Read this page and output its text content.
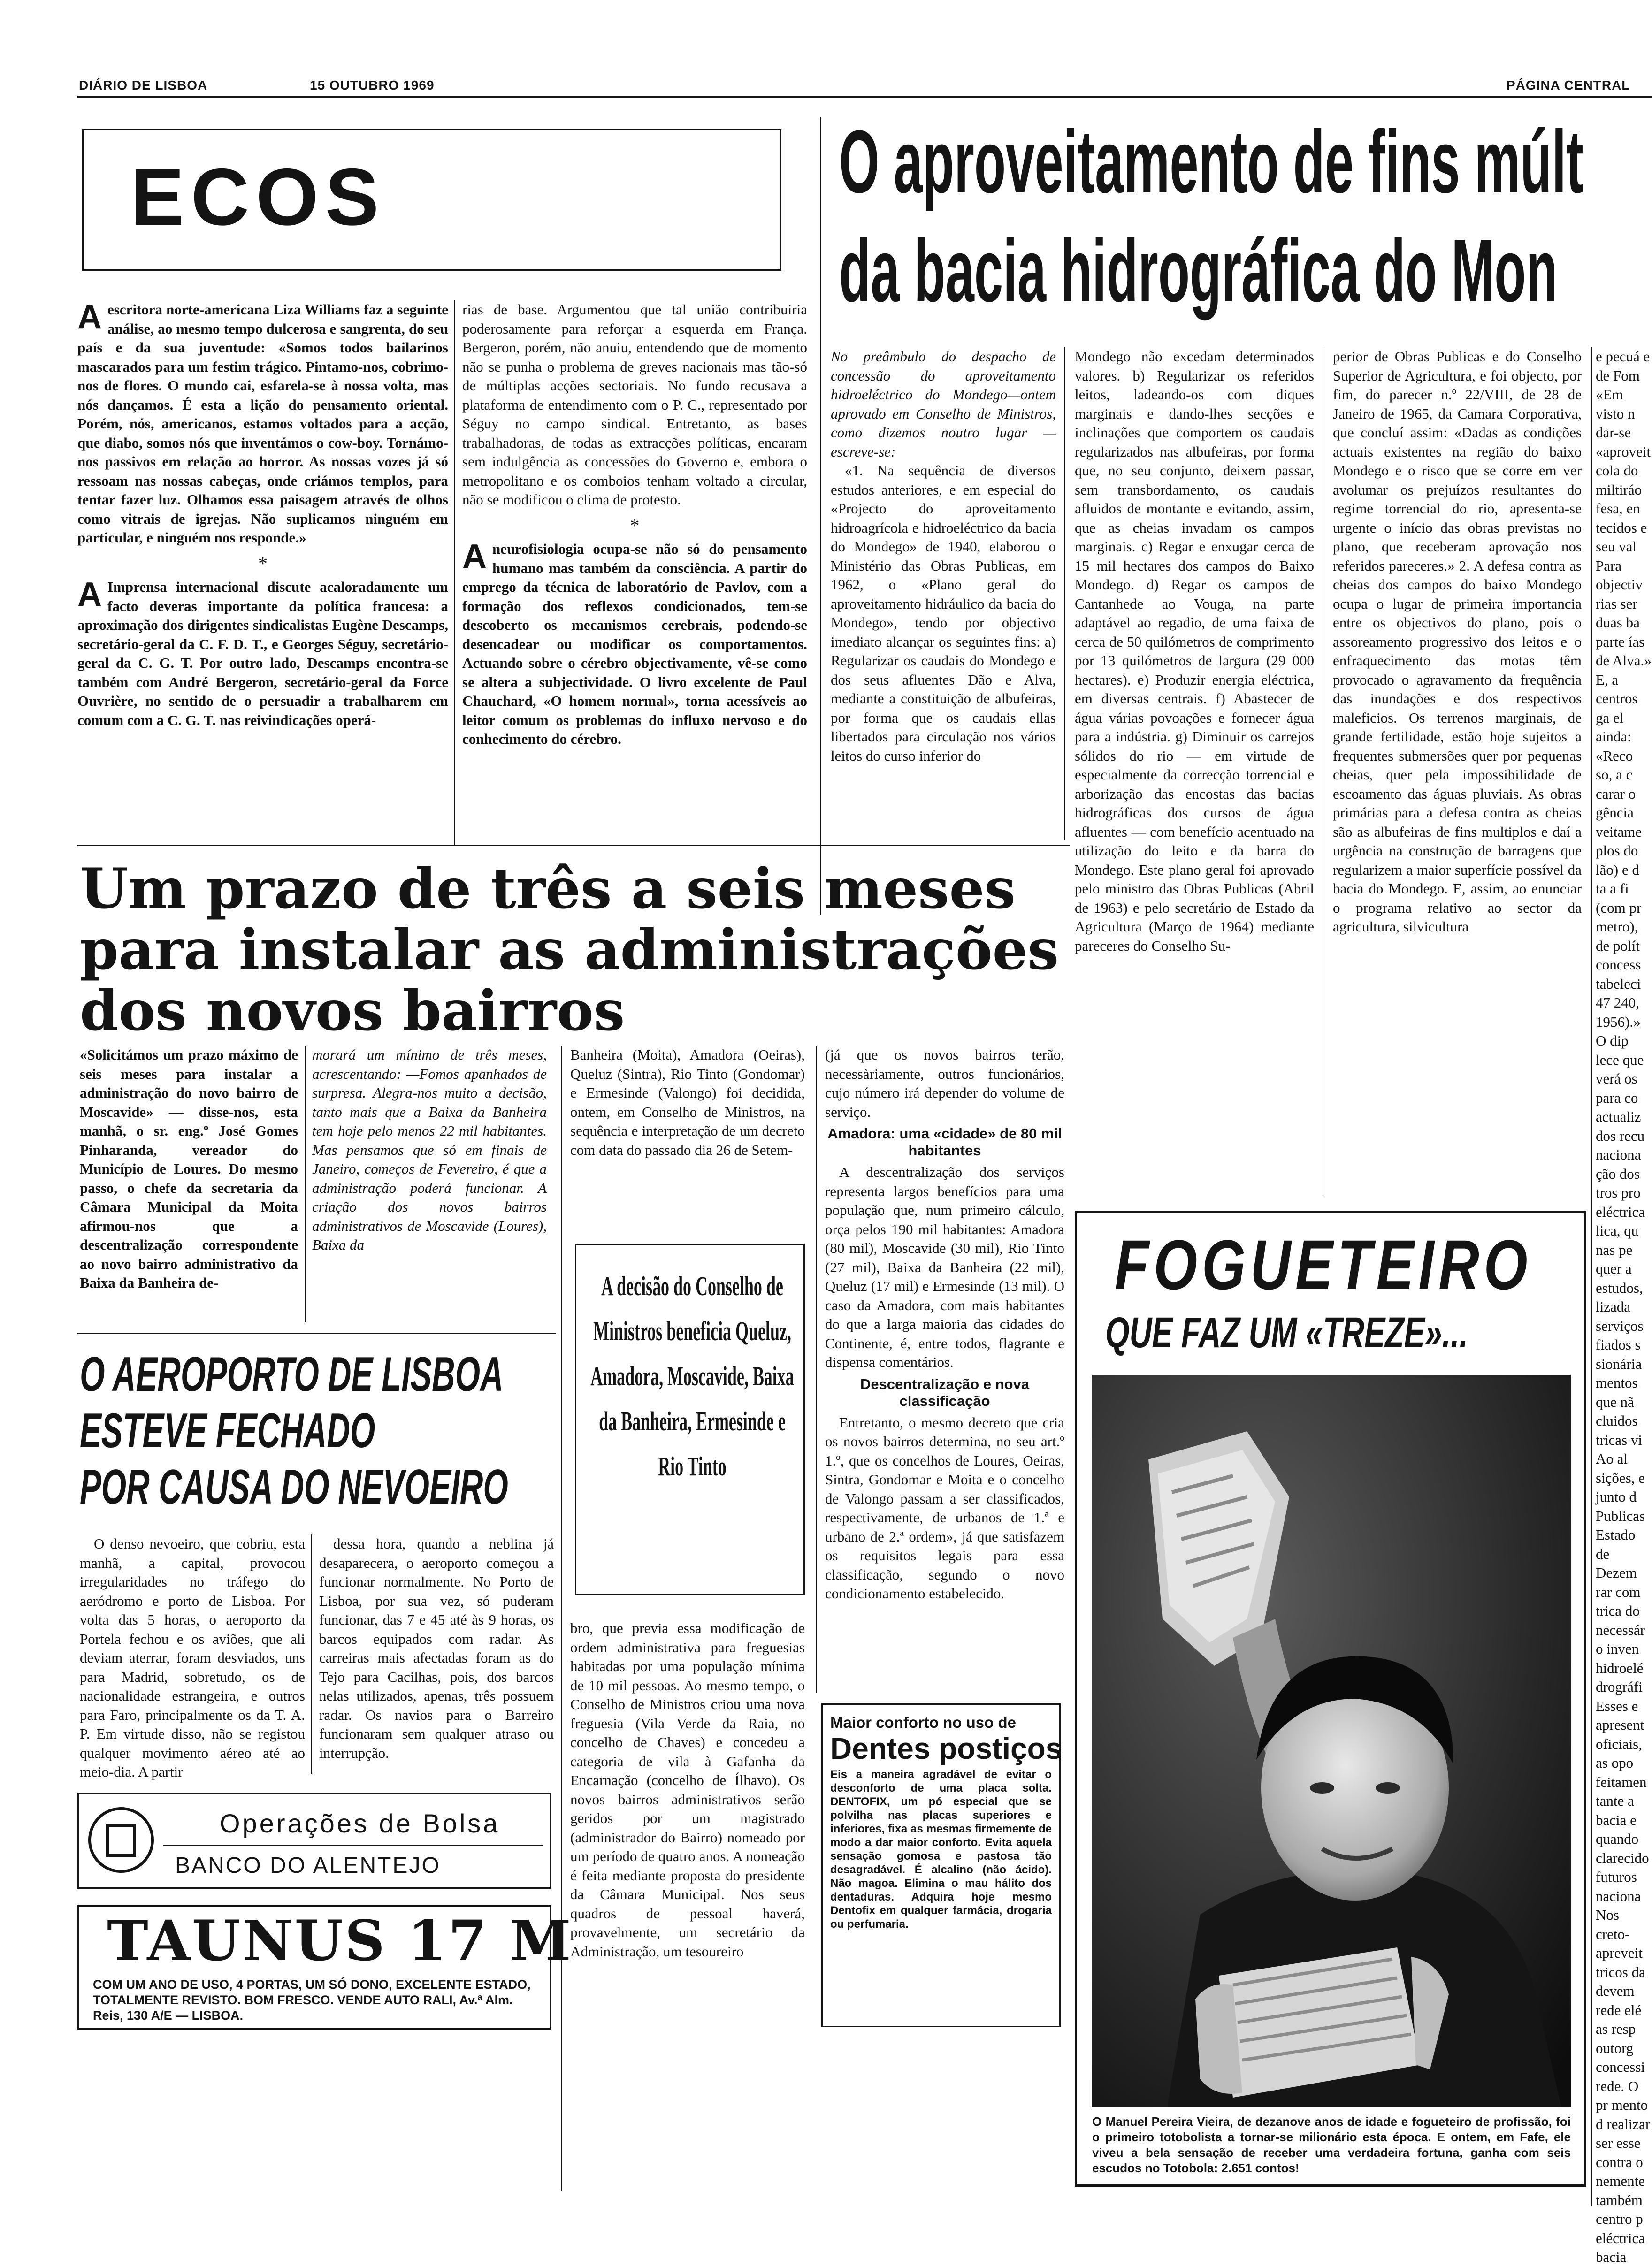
DIÁRIO DE LISBOA	15 OUTUBRO 1969	PÁGINA CENTRAL
ECOS

Aescritora norte-americana Liza Williams faz a seguinte análise, ao mesmo tempo dulcerosa e sangrenta, do seu país e da sua juventude: «Somos todos bailarinos mascarados para um festim trágico. Pintamo-nos, cobrimo-nos de flores. O mundo cai, esfarela-se à nossa volta, mas nós dançamos. É esta a lição do pensamento oriental. Porém, nós, americanos, estamos voltados para a acção, que diabo, somos nós que inventámos o cow-boy. Tornámo-nos passivos em relação ao horror. As nossas vozes já só ressoam nas nossas cabeças, onde criámos templos, para tentar fazer luz. Olhamos essa paisagem através de olhos como vitrais de igrejas. Não suplicamos ninguém em particular, e ninguém nos responde.»

*

A Imprensa internacional discute acaloradamente um facto deveras importante da política francesa: a aproximação dos dirigentes sindicalistas Eugène Descamps, secretário-geral da C. F. D. T., e Georges Séguy, secretário-geral da C. G. T. Por outro lado, Descamps encontra-se também com André Bergeron, secretário-geral da Force Ouvrière, no sentido de o persuadir a trabalharem em comum com a C. G. T. nas reivindicações operá-

rias de base. Argumentou que tal união contribuiria poderosamente para reforçar a esquerda em França. Bergeron, porém, não anuiu, entendendo que de momento não se punha o problema de greves nacionais mas tão-só de múltiplas acções sectoriais. No fundo recusava a plataforma de entendimento com o P. C., representado por Séguy no campo sindical. Entretanto, as bases trabalhadoras, de todas as extracções políticas, encaram sem indulgência as concessões do Governo e, embora o metropolitano e os comboios tenham voltado a circular, não se modificou o clima de protesto.

*

Aneurofisiologia ocupa-se não só do pensamento humano mas também da consciência. A partir do emprego da técnica de laboratório de Pavlov, com a formação dos reflexos condicionados, tem-se descoberto os mecanismos cerebrais, podendo-se desencadear ou modificar os comportamentos. Actuando sobre o cérebro objectivamente, vê-se como se altera a subjectividade. O livro excelente de Paul Chauchard, «O homem normal», torna acessíveis ao leitor comum os problemas do influxo nervoso e do conhecimento do cérebro.

O aproveitamento de fins múlt
da bacia hidrográfica do Mon

No preâmbulo do despacho de concessão do aproveitamento hidroeléctrico do Mondego—ontem aprovado em Conselho de Ministros, como dizemos noutro lugar — escreve-se:

«1. Na sequência de diversos estudos anteriores, e em especial do «Projecto do aproveitamento hidroagrícola e hidroeléctrico da bacia do Mondego» de 1940, elaborou o Ministério das Obras Publicas, em 1962, o «Plano geral do aproveitamento hidráulico da bacia do Mondego», tendo por objectivo imediato alcançar os seguintes fins: a) Regularizar os caudais do Mondego e dos seus afluentes Dão e Alva, mediante a constituição de albufeiras, por forma que os caudais ellas libertados para circulação nos vários leitos do curso inferior do

Mondego não excedam determinados valores. b) Regularizar os referidos leitos, ladeando-os com diques marginais e dando-lhes secções e inclinações que comportem os caudais regularizados nas albufeiras, por forma que, no seu conjunto, deixem passar, sem transbordamento, os caudais afluidos de montante e evitando, assim, que as cheias invadam os campos marginais. c) Regar e enxugar cerca de 15 mil hectares dos campos do Baixo Mondego. d) Regar os campos de Cantanhede ao Vouga, na parte adaptável ao regadio, de uma faixa de cerca de 50 quilómetros de comprimento por 13 quilómetros de largura (29 000 hectares). e) Produzir energia eléctrica, em diversas centrais. f) Abastecer de água várias povoações e fornecer água para a indústria. g) Diminuir os carrejos sólidos do rio — em virtude de especialmente da correcção torrencial e arborização das encostas das bacias hidrográficas dos cursos de água afluentes — com benefício acentuado na utilização do leito e da barra do Mondego. Este plano geral foi aprovado pelo ministro das Obras Publicas (Abril de 1963) e pelo secretário de Estado da Agricultura (Março de 1964) mediante pareceres do Conselho Su-

perior de Obras Publicas e do Conselho Superior de Agricultura, e foi objecto, por fim, do parecer n.º 22/VIII, de 28 de Janeiro de 1965, da Camara Corporativa, que concluí assim: «Dadas as condições actuais existentes na região do baixo Mondego e o risco que se corre em ver avolumar os prejuízos resultantes do regime torrencial do rio, apresenta-se urgente o início das obras previstas no plano, que receberam aprovação nos referidos pareceres.» 2. A defesa contra as cheias dos campos do baixo Mondego ocupa o lugar de primeira importancia entre os objectivos do plano, pois o assoreamento progressivo dos leitos e o enfraquecimento das motas têm provocado o agravamento da frequência das inundações e dos respectivos maleficios. Os terrenos marginais, de grande fertilidade, estão hoje sujeitos a frequentes submersões quer por pequenas cheias, quer pela impossibilidade de escoamento das águas pluviais. As obras primárias para a defesa contra as cheias são as albufeiras de fins multiplos e daí a urgência na construção de barragens que regularizem a maior superfície possível da bacia do Mondego. E, assim, ao enunciar o programa relativo ao sector da agricultura, silvicultura

e pecuá e de Fom «Em visto n dar-se «aproveit cola do miltiráo fesa, en tecidos e seu val Para objectiv rias ser duas ba parte ías de Alva.» E, a centros ga el ainda: «Reco so, a c carar o gência veitame plos do lão) e d ta a fi (com pr metro), de polít concess tabeleci 47 240, 1956).» O dip lece que verá os para co actualiz dos recu naciona ção dos tros pro eléctrica lica, qu nas pe quer a estudos, lizada serviços fiados s sionária mentos que nã cluidos tricas vi Ao al sições, e junto d Publicas Estado de Dezem rar com trica do necessár o inven hidroelé drográfi Esses e apresent oficiais, as opo feitamen tante a bacia e quando clarecido futuros naciona Nos creto-apreveit tricos da devem rede elé as resp outorg concessi rede. O pr mento d realizar ser esse contra o nemente também centro p eléctrica bacia

Um prazo de três a seis meses
para instalar as administrações
dos novos bairros

«Solicitámos um prazo máximo de seis meses para instalar a administração do novo bairro de Moscavide» — disse-nos, esta manhã, o sr. eng.º José Gomes Pinharanda, vereador do Município de Loures. Do mesmo passo, o chefe da secretaria da Câmara Municipal da Moita afirmou-nos que a descentralização correspondente ao novo bairro administrativo da Baixa da Banheira de-

morará um mínimo de três meses, acrescentando: —Fomos apanhados de surpresa. Alegra-nos muito a decisão, tanto mais que a Baixa da Banheira tem hoje pelo menos 22 mil habitantes. Mas pensamos que só em finais de Janeiro, começos de Fevereiro, é que a administração poderá funcionar. A criação dos novos bairros administrativos de Moscavide (Loures), Baixa da

Banheira (Moita), Amadora (Oeiras), Queluz (Sintra), Rio Tinto (Gondomar) e Ermesinde (Valongo) foi decidida, ontem, em Conselho de Ministros, na sequência e interpretação de um decreto com data do passado dia 26 de Setem-

A decisão do Conselho de Ministros beneficia Queluz, Amadora, Moscavide, Baixa da Banheira, Ermesinde e Rio Tinto

bro, que previa essa modificação de ordem administrativa para freguesias habitadas por uma população mínima de 10 mil pessoas. Ao mesmo tempo, o Conselho de Ministros criou uma nova freguesia (Vila Verde da Raia, no concelho de Chaves) e concedeu a categoria de vila à Gafanha da Encarnação (concelho de Ílhavo). Os novos bairros administrativos serão geridos por um magistrado (administrador do Bairro) nomeado por um período de quatro anos. A nomeação é feita mediante proposta do presidente da Câmara Municipal. Nos seus quadros de pessoal haverá, provavelmente, um secretário da Administração, um tesoureiro

(já que os novos bairros terão, necessàriamente, outros funcionários, cujo número irá depender do volume de serviço.

Amadora: uma «cidade» de 80 mil habitantes

A descentralização dos serviços representa largos benefícios para uma população que, num primeiro cálculo, orça pelos 190 mil habitantes: Amadora (80 mil), Moscavide (30 mil), Rio Tinto (27 mil), Baixa da Banheira (22 mil), Queluz (17 mil) e Ermesinde (13 mil). O caso da Amadora, com mais habitantes do que a larga maioria das cidades do Continente, é, entre todos, flagrante e dispensa comentários.

Descentralização e nova classificação

Entretanto, o mesmo decreto que cria os novos bairros determina, no seu art.º 1.º, que os concelhos de Loures, Oeiras, Sintra, Gondomar e Moita e o concelho de Valongo passam a ser classificados, respectivamente, de urbanos de 1.ª e urbano de 2.ª ordem», já que satisfazem os requisitos legais para essa classificação, segundo o novo condicionamento estabelecido.

O AEROPORTO DE LISBOA
ESTEVE FECHADO
POR CAUSA DO NEVOEIRO

O denso nevoeiro, que cobriu, esta manhã, a capital, provocou irregularidades no tráfego do aeródromo e porto de Lisboa. Por volta das 5 horas, o aeroporto da Portela fechou e os aviões, que ali deviam aterrar, foram desviados, uns para Madrid, sobretudo, os de nacionalidade estrangeira, e outros para Faro, principalmente os da T. A. P. Em virtude disso, não se registou qualquer movimento aéreo até ao meio-dia. A partir

dessa hora, quando a neblina já desaparecera, o aeroporto começou a funcionar normalmente. No Porto de Lisboa, por sua vez, só puderam funcionar, das 7 e 45 até às 9 horas, os barcos equipados com radar. As carreiras mais afectadas foram as do Tejo para Cacilhas, pois, dos barcos nelas utilizados, apenas, três possuem radar. Os navios para o Barreiro funcionaram sem qualquer atraso ou interrupção.

Operações de Bolsa
BANCO DO ALENTEJO
TAUNUS 17 M
COM UM ANO DE USO, 4 PORTAS, UM SÓ DONO, EXCELENTE ESTADO, TOTALMENTE REVISTO. BOM FRESCO. VENDE AUTO RALI, Av.ª Alm. Reis, 130 A/E — LISBOA.
Maior conforto no uso de
Dentes postiços
Eis a maneira agradável de evitar o desconforto de uma placa solta. DENTOFIX, um pó especial que se polvilha nas placas superiores e inferiores, fixa as mesmas firmemente de modo a dar maior conforto. Evita aquela sensação gomosa e pastosa tão desagradável. É alcalino (não ácido). Não magoa. Elimina o mau hálito dos dentaduras. Adquira hoje mesmo Dentofix em qualquer farmácia, drogaria ou perfumaria.
FOGUETEIRO
QUE FAZ UM «TREZE»...
O Manuel Pereira Vieira, de dezanove anos de idade e fogueteiro de profissão, foi o primeiro totobolista a tornar-se milionário esta época. E ontem, em Fafe, ele viveu a bela sensação de receber uma verdadeira fortuna, ganha com seis escudos no Totobola: 2.651 contos!
